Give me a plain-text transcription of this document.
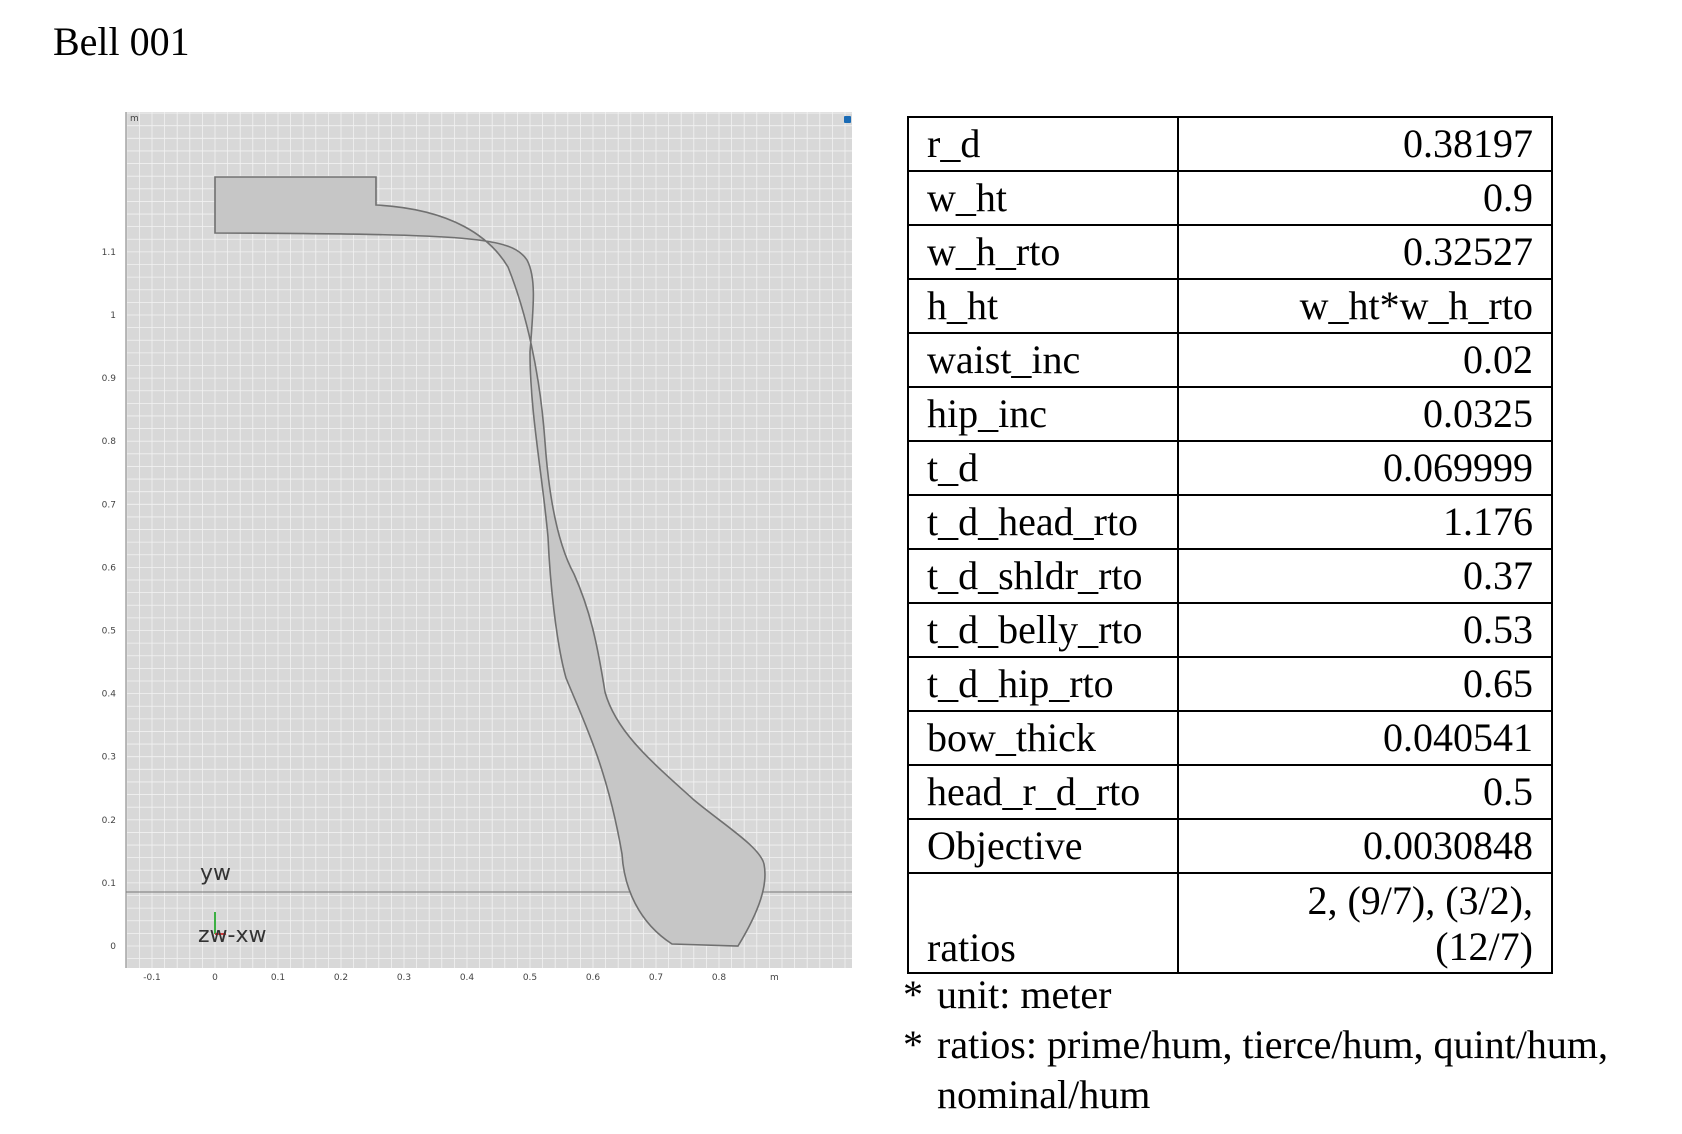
Bell 001
-0.1	0	0.1	0.2	0.3	0.4	0.5	0.6	0.7	0.8
0
0.1
0.2
0.3
0.4
0.5
0.6
0.7
0.8
0.9
1
1.1
m
m
yw
zw-xw
r_d	0.38197
w_ht	0.9
w_h_rto	0.32527
h_ht	w_ht*w_h_rto
waist_inc	0.02
hip_inc	0.0325
t_d	0.069999
t_d_head_rto	1.176
t_d_shldr_rto	0.37
t_d_belly_rto	0.53
t_d_hip_rto	0.65
bow_thick	0.040541
head_r_d_rto	0.5
Objective	0.0030848
ratios	2, (9/7), (3/2),
(12/7)
* unit: meter
* ratios: prime/hum, tierce/hum, quint/hum, nominal/hum
